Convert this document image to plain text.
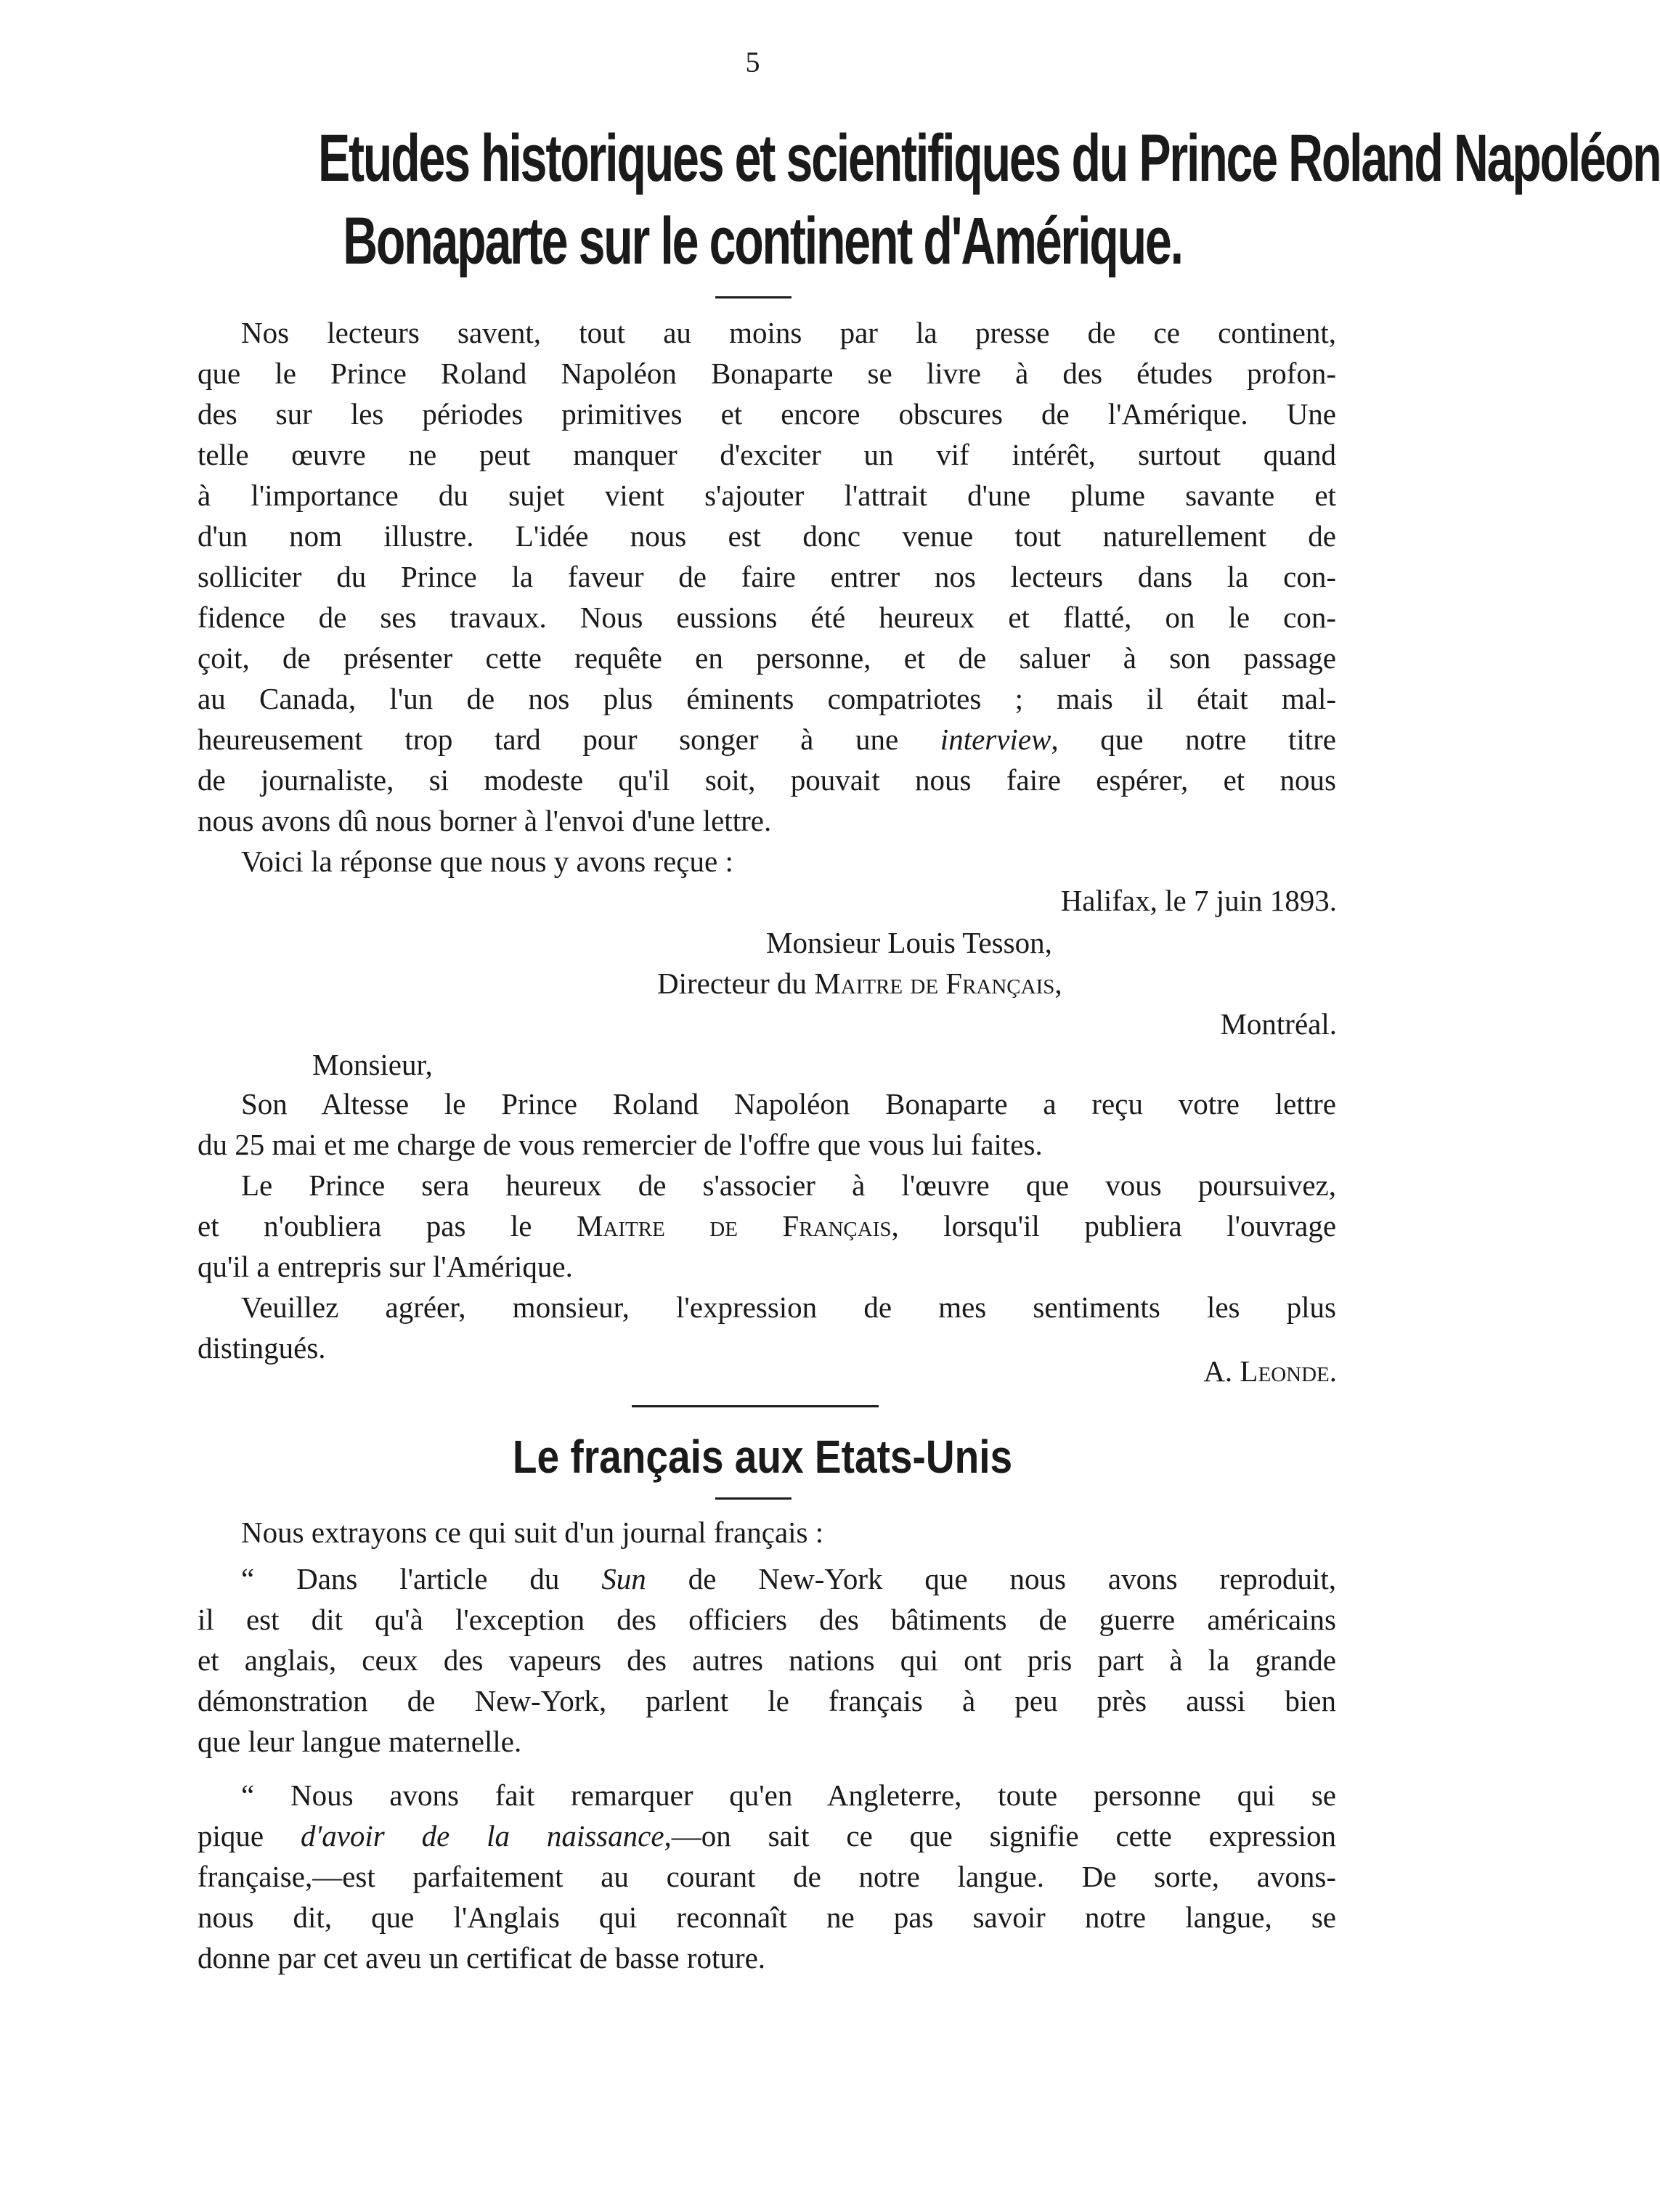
5
Etudes historiques et scientifiques du Prince Roland Napoléon
Bonaparte sur le continent d'Amérique.
Nos lecteurs savent, tout au moins par la presse de ce continent,
que le Prince Roland Napoléon Bonaparte se livre à des études profon-
des sur les périodes primitives et encore obscures de l'Amérique. Une
telle œuvre ne peut manquer d'exciter un vif intérêt, surtout quand
à l'importance du sujet vient s'ajouter l'attrait d'une plume savante et
d'un nom illustre. L'idée nous est donc venue tout naturellement de
solliciter du Prince la faveur de faire entrer nos lecteurs dans la con-
fidence de ses travaux. Nous eussions été heureux et flatté, on le con-
çoit, de présenter cette requête en personne, et de saluer à son passage
au Canada, l'un de nos plus éminents compatriotes ; mais il était mal-
heureusement trop tard pour songer à une interview, que notre titre
de journaliste, si modeste qu'il soit, pouvait nous faire espérer, et nous
nous avons dû nous borner à l'envoi d'une lettre.
Voici la réponse que nous y avons reçue :
Halifax, le 7 juin 1893.
Monsieur Louis Tesson,
Directeur du Maitre de Français,
Montréal.
Monsieur,
Son Altesse le Prince Roland Napoléon Bonaparte a reçu votre lettre
du 25 mai et me charge de vous remercier de l'offre que vous lui faites.
Le Prince sera heureux de s'associer à l'œuvre que vous poursuivez,
et n'oubliera pas le Maitre de Français, lorsqu'il publiera l'ouvrage
qu'il a entrepris sur l'Amérique.
Veuillez agréer, monsieur, l'expression de mes sentiments les plus
distingués.
A. Leonde.
Le français aux Etats-Unis
Nous extrayons ce qui suit d'un journal français :
“ Dans l'article du Sun de New-York que nous avons reproduit,
il est dit qu'à l'exception des officiers des bâtiments de guerre américains
et anglais, ceux des vapeurs des autres nations qui ont pris part à la grande
démonstration de New-York, parlent le français à peu près aussi bien
que leur langue maternelle.
“ Nous avons fait remarquer qu'en Angleterre, toute personne qui se
pique d'avoir de la naissance,—on sait ce que signifie cette expression
française,—est parfaitement au courant de notre langue. De sorte, avons-
nous dit, que l'Anglais qui reconnaît ne pas savoir notre langue, se
donne par cet aveu un certificat de basse roture.
